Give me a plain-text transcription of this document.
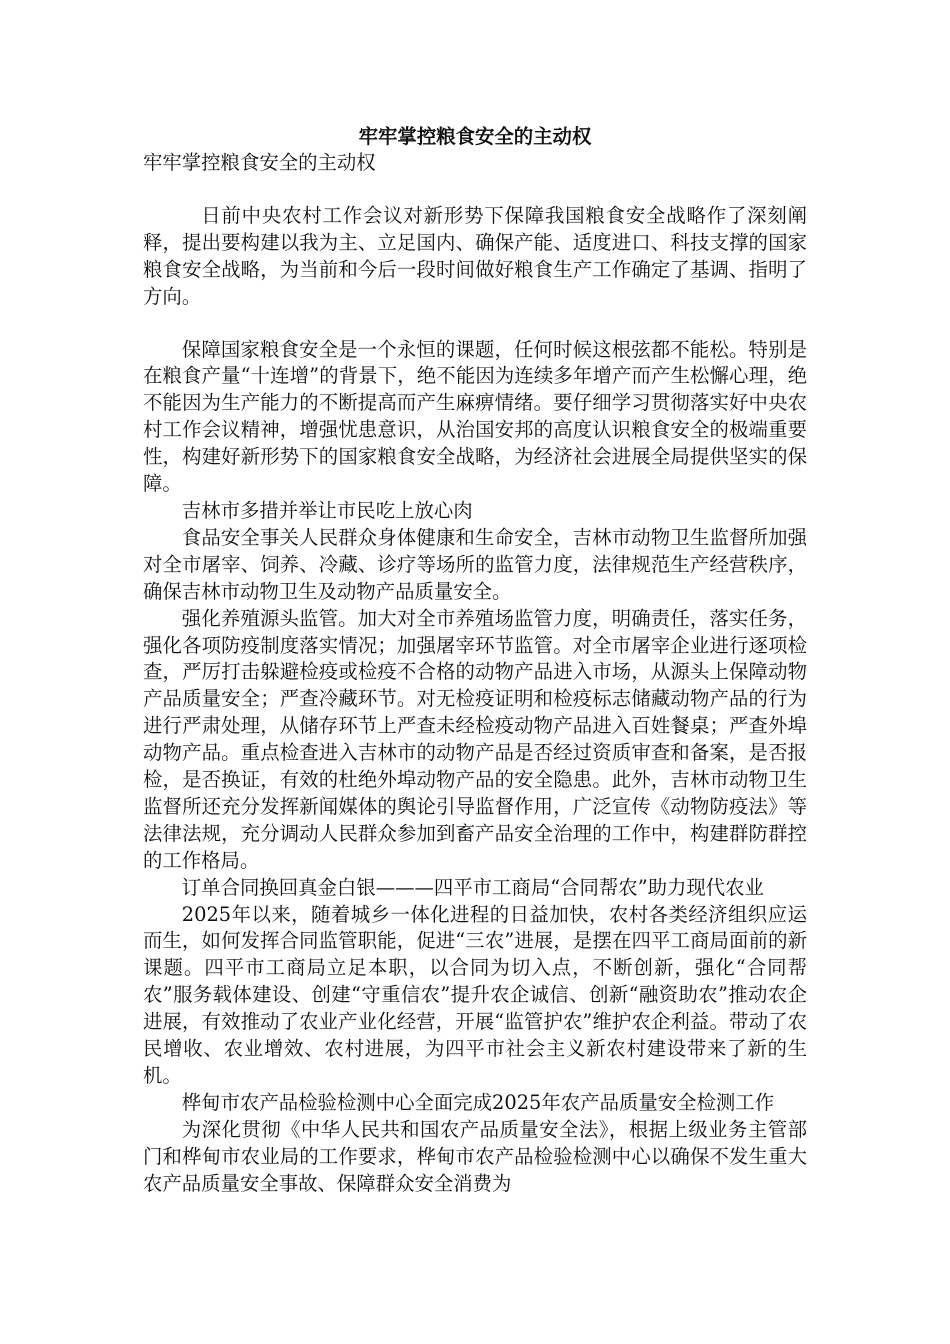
牢牢掌控粮食安全的主动权

牢牢掌控粮食安全的主动权

日前中央农村工作会议对新形势下保障我国粮食安全战略作了深刻阐释，提出要构建以我为主、立足国内、确保产能、适度进口、科技支撑的国家粮食安全战略，为当前和今后一段时间做好粮食生产工作确定了基调、指明了方向。

保障国家粮食安全是一个永恒的课题，任何时候这根弦都不能松。特别是在粮食产量“十连增”的背景下，绝不能因为连续多年增产而产生松懈心理，绝不能因为生产能力的不断提高而产生麻痹情绪。要仔细学习贯彻落实好中央农村工作会议精神，增强忧患意识，从治国安邦的高度认识粮食安全的极端重要性，构建好新形势下的国家粮食安全战略，为经济社会进展全局提供坚实的保障。

吉林市多措并举让市民吃上放心肉

食品安全事关人民群众身体健康和生命安全，吉林市动物卫生监督所加强对全市屠宰、饲养、冷藏、诊疗等场所的监管力度，法律规范生产经营秩序，确保吉林市动物卫生及动物产品质量安全。

强化养殖源头监管。加大对全市养殖场监管力度，明确责任，落实任务，强化各项防疫制度落实情况；加强屠宰环节监管。对全市屠宰企业进行逐项检查，严厉打击躲避检疫或检疫不合格的动物产品进入市场，从源头上保障动物产品质量安全；严查冷藏环节。对无检疫证明和检疫标志储藏动物产品的行为进行严肃处理，从储存环节上严查未经检疫动物产品进入百姓餐桌；严查外埠动物产品。重点检查进入吉林市的动物产品是否经过资质审查和备案，是否报检，是否换证，有效的杜绝外埠动物产品的安全隐患。此外，吉林市动物卫生监督所还充分发挥新闻媒体的舆论引导监督作用，广泛宣传《动物防疫法》等法律法规，充分调动人民群众参加到畜产品安全治理的工作中，构建群防群控的工作格局。

订单合同换回真金白银———四平市工商局“合同帮农”助力现代农业

2025年以来，随着城乡一体化进程的日益加快，农村各类经济组织应运而生，如何发挥合同监管职能，促进“三农”进展，是摆在四平工商局面前的新课题。四平市工商局立足本职，以合同为切入点，不断创新，强化“合同帮农”服务载体建设、创建“守重信农”提升农企诚信、创新“融资助农”推动农企进展，有效推动了农业产业化经营，开展“监管护农”维护农企利益。带动了农民增收、农业增效、农村进展，为四平市社会主义新农村建设带来了新的生机。

桦甸市农产品检验检测中心全面完成2025年农产品质量安全检测工作

为深化贯彻《中华人民共和国农产品质量安全法》，根据上级业务主管部门和桦甸市农业局的工作要求，桦甸市农产品检验检测中心以确保不发生重大农产品质量安全事故、保障群众安全消费为
